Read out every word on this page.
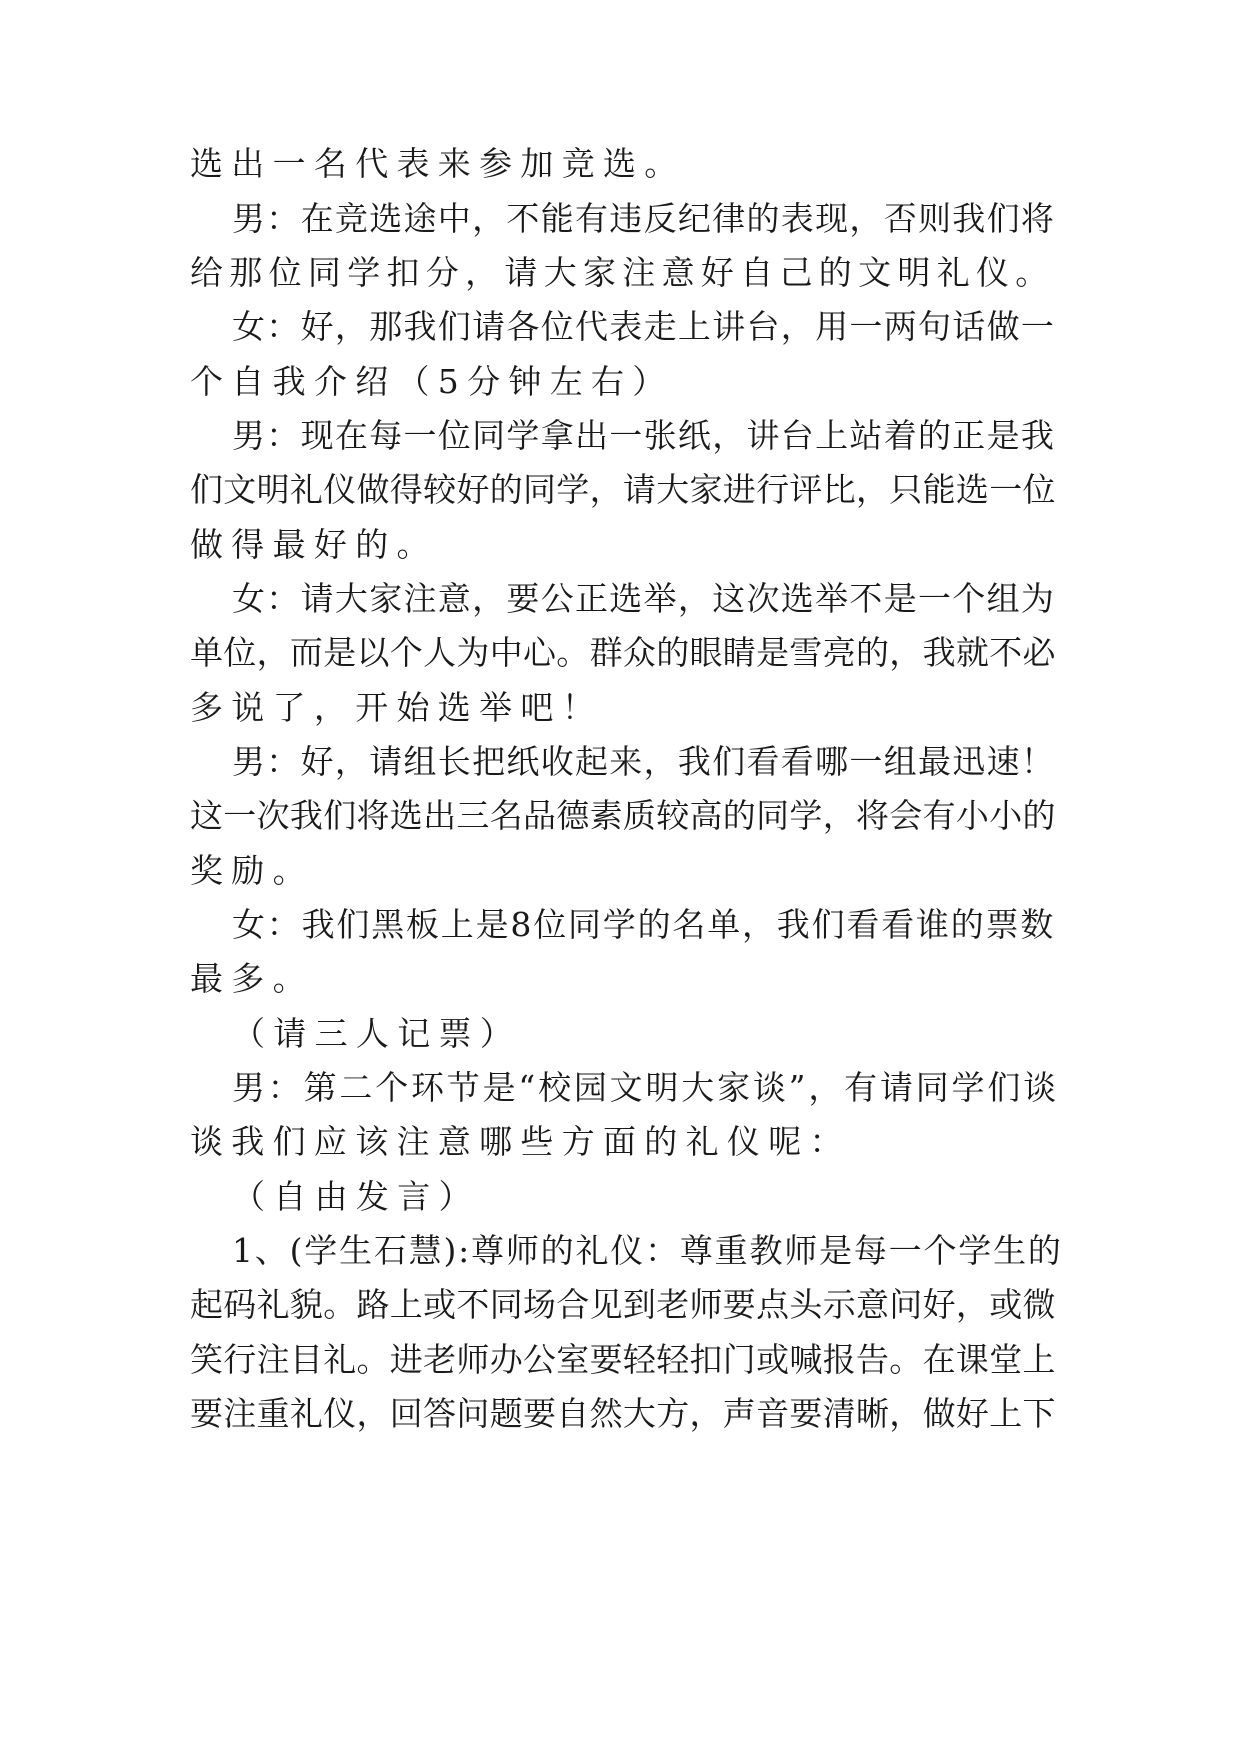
选出一名代表来参加竞选。
男：在竞选途中，不能有违反纪律的表现，否则我们将
给那位同学扣分，请大家注意好自己的文明礼仪。
女：好，那我们请各位代表走上讲台，用一两句话做一
个自我介绍（5分钟左右）
男：现在每一位同学拿出一张纸，讲台上站着的正是我
们文明礼仪做得较好的同学，请大家进行评比，只能选一位
做得最好的。
女：请大家注意，要公正选举，这次选举不是一个组为
单位，而是以个人为中心。群众的眼睛是雪亮的，我就不必
多说了，开始选举吧！
男：好，请组长把纸收起来，我们看看哪一组最迅速！
这一次我们将选出三名品德素质较高的同学，将会有小小的
奖励。
女：我们黑板上是8位同学的名单，我们看看谁的票数
最多。
（请三人记票）
男：第二个环节是“校园文明大家谈”，有请同学们谈
谈我们应该注意哪些方面的礼仪呢：
（自由发言）
1、(学生石慧):尊师的礼仪：尊重教师是每一个学生的
起码礼貌。路上或不同场合见到老师要点头示意问好，或微
笑行注目礼。进老师办公室要轻轻扣门或喊报告。在课堂上
要注重礼仪，回答问题要自然大方，声音要清晰，做好上下
